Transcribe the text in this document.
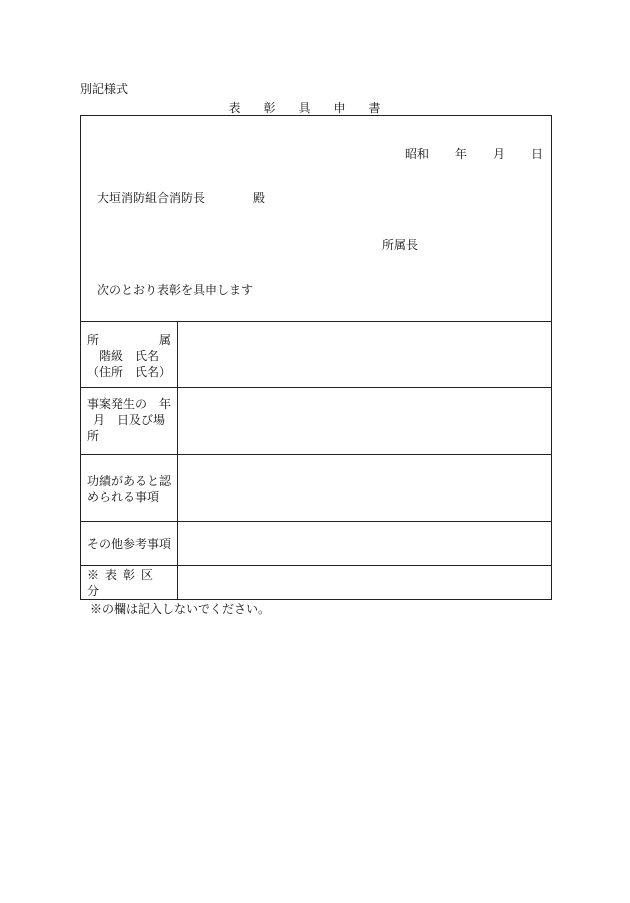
別記様式
表彰具申書
昭和 年 月 日
大垣消防組合消防長	殿
所属長
次のとおり表彰を具申します
所	属
階級　氏名
（住所　氏名）
事案発生の　年
月　日及び場
所
功績があると認
められる事項
その他参考事項
※表彰区分
※の欄は記入しないでください。
